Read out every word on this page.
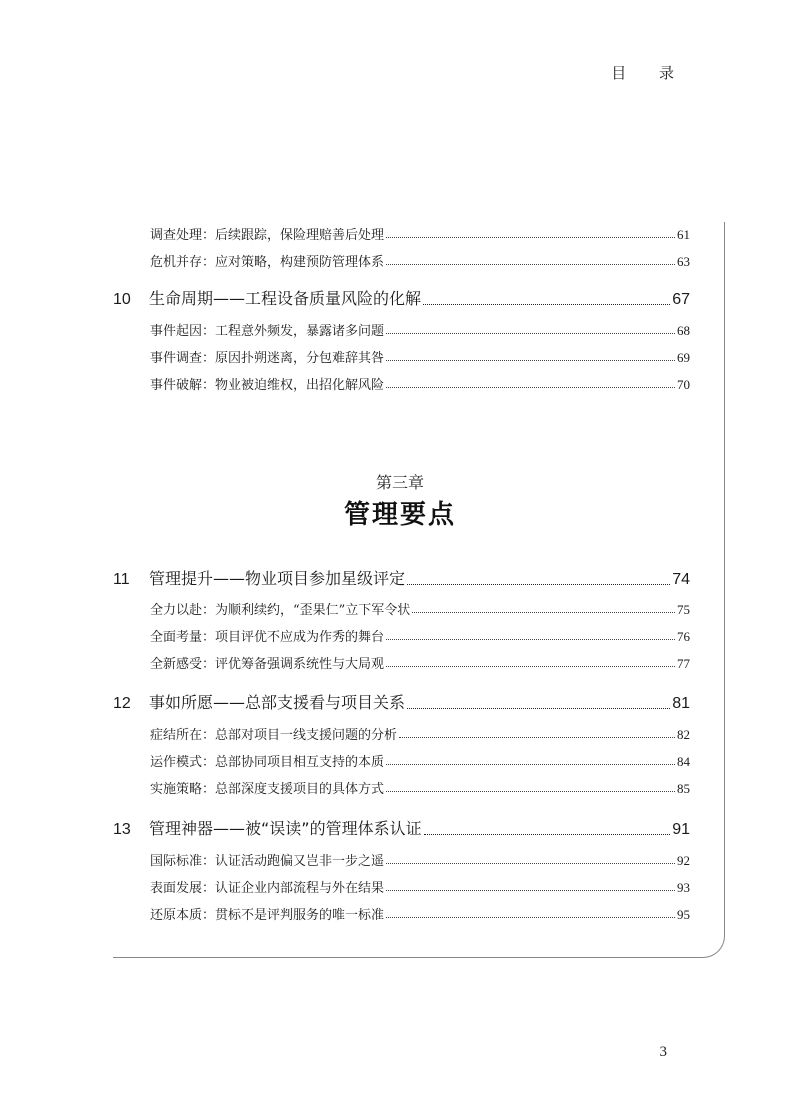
目 录
调查处理：后续跟踪，保险理赔善后处理	61
危机并存：应对策略，构建预防管理体系	63
10	生命周期——工程设备质量风险的化解	67
事件起因：工程意外频发，暴露诸多问题	68
事件调查：原因扑朔迷离，分包难辞其咎	69
事件破解：物业被迫维权，出招化解风险	70
11	管理提升——物业项目参加星级评定	74
全力以赴：为顺利续约，“歪果仁”立下军令状	75
全面考量：项目评优不应成为作秀的舞台	76
全新感受：评优筹备强调系统性与大局观	77
12	事如所愿——总部支援看与项目关系	81
症结所在：总部对项目一线支援问题的分析	82
运作模式：总部协同项目相互支持的本质	84
实施策略：总部深度支援项目的具体方式	85
13	管理神器——被“误读”的管理体系认证	91
国际标准：认证活动跑偏又岂非一步之遥	92
表面发展：认证企业内部流程与外在结果	93
还原本质：贯标不是评判服务的唯一标准	95
第三章
管理要点
3
